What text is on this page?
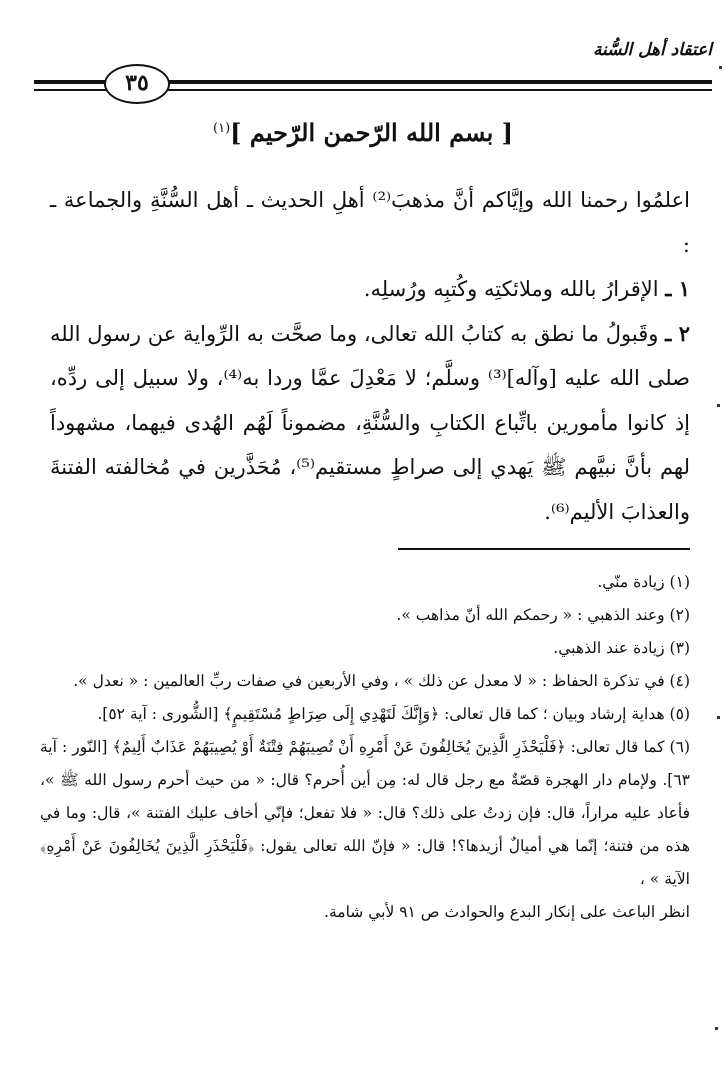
اعتقاد أهل السُّنة
٣٥
[ بسم الله الرّحمن الرّحيم ]$^{(١)}$

اعلمُوا رحمنا الله وإيَّاكم أنَّ مذهبَ⁽²⁾ أهلِ الحديث ـ أهل السُّنَّةِ والجماعة ـ :

١ ـ الإقرارُ بالله وملائكتِه وكُتبِه ورُسلِه.

٢ ـ وقَبولُ ما نطق به كتابُ الله تعالى، وما صحَّت به الرِّواية عن رسول الله صلى الله عليه [وآله]⁽³⁾ وسلَّم؛ لا مَعْدِلَ عمَّا وردا به⁽⁴⁾، ولا سبيل إلى ردِّه، إذ كانوا مأمورين باتِّباع الكتابِ والسُّنَّةِ، مضموناً لَهُم الهُدى فيهما، مشهوداً لهم بأنَّ نبيَّهم ﷺ يَهدي إلى صراطٍ مستقيم⁽⁵⁾، مُحَذَّرين في مُخالفته الفتنةَ والعذابَ الأليم⁽⁶⁾.

(١) زيادة منّي.

(٢) وعند الذهبي : « رحمكم الله أنّ مذاهب ».

(٣) زيادة عند الذهبي.

(٤) في تذكرة الحفاظ : « لا معدل عن ذلك » ، وفي الأربعين في صفات ربِّ العالمين : « نعدل ».

(٥) هداية إرشاد وبيان ؛ كما قال تعالى: ﴿وَإِنَّكَ لَتَهْدِي إِلَى صِرَاطٍ مُسْتَقِيمٍ﴾ [الشُّورى : آية ٥٢].

(٦) كما قال تعالى: ﴿فَلْيَحْذَرِ الَّذِينَ يُخَالِفُونَ عَنْ أَمْرِهِ أَنْ تُصِيبَهُمْ فِتْنَةٌ أَوْ يُصِيبَهُمْ عَذَابٌ أَلِيمٌ﴾ [النّور : آية ٦٣]. ولإمام دار الهجرة قصّةٌ مع رجل قال له: مِن أين أُحرم؟ قال: « من حيث أحرم رسول الله ﷺ »، فأعاد عليه مراراً، قال: فإن زدتُ على ذلك؟ قال: « فلا تفعل؛ فإنّي أخاف عليك الفتنة »، قال: وما في هذه من فتنة؛ إنّما هي أميالٌ أزيدها؟! قال: « فإنّ الله تعالى يقول: ﴿فَلْيَحْذَرِ الَّذِينَ يُخَالِفُونَ عَنْ أَمْرِهِ﴾ الآية » ،

انظر الباعث على إنكار البدع والحوادث ص ٩١ لأبي شامة.
